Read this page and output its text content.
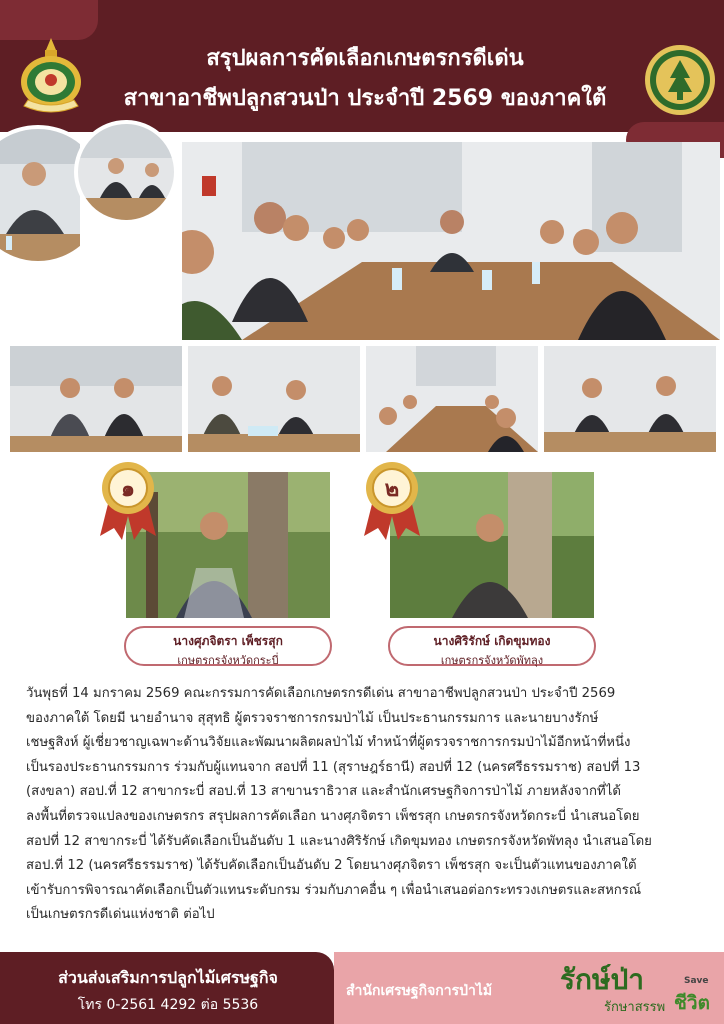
สรุปผลการคัดเลือกเกษตรกรดีเด่น
สาขาอาชีพปลูกสวนป่า ประจำปี 2569 ของภาคใต้
๑	๒
นางศุภจิตรา เพ็ชรสุก
เกษตรกรจังหวัดกระบี่
นางศิริรักษ์ เกิดขุมทอง
เกษตรกรจังหวัดพัทลุง
วันพุธที่ 14 มกราคม 2569 คณะกรรมการคัดเลือกเกษตรกรดีเด่น สาขาอาชีพปลูกสวนป่า ประจำปี 2569
ของภาคใต้ โดยมี นายอำนาจ สุสุทธิ ผู้ตรวจราชการกรมป่าไม้ เป็นประธานกรรมการ และนายบางรักษ์
เชษฐสิงห์ ผู้เชี่ยวชาญเฉพาะด้านวิจัยและพัฒนาผลิตผลป่าไม้ ทำหน้าที่ผู้ตรวจราชการกรมป่าไม้อีกหน้าที่หนึ่ง
เป็นรองประธานกรรมการ ร่วมกับผู้แทนจาก สอปที่ 11 (สุราษฎร์ธานี) สอปที่ 12 (นครศรีธรรมราช) สอปที่ 13
(สงขลา) สอป.ที่ 12 สาขากระบี่ สอป.ที่ 13 สาขานราธิวาส และสำนักเศรษฐกิจการป่าไม้ ภายหลังจากที่ได้
ลงพื้นที่ตรวจแปลงของเกษตรกร สรุปผลการคัดเลือก นางศุภจิตรา เพ็ชรสุก เกษตรกรจังหวัดกระบี่ นำเสนอโดย
สอปที่ 12 สาขากระบี่ ได้รับคัดเลือกเป็นอันดับ 1 และนางศิริรักษ์ เกิดขุมทอง เกษตรกรจังหวัดพัทลุง นำเสนอโดย
สอป.ที่ 12 (นครศรีธรรมราช) ได้รับคัดเลือกเป็นอันดับ 2 โดยนางศุภจิตรา เพ็ชรสุก จะเป็นตัวแทนของภาคใต้
เข้ารับการพิจารณาคัดเลือกเป็นตัวแทนระดับกรม ร่วมกับภาคอื่น ๆ เพื่อนำเสนอต่อกระทรวงเกษตรและสหกรณ์
เป็นเกษตรกรดีเด่นแห่งชาติ ต่อไป
ส่วนส่งเสริมการปลูกไม้เศรษฐกิจ
โทร 0-2561 4292 ต่อ 5536
สำนักเศรษฐกิจการป่าไม้	รักษ์ป่า	Save
รักษาสรรพ ชีวิต
